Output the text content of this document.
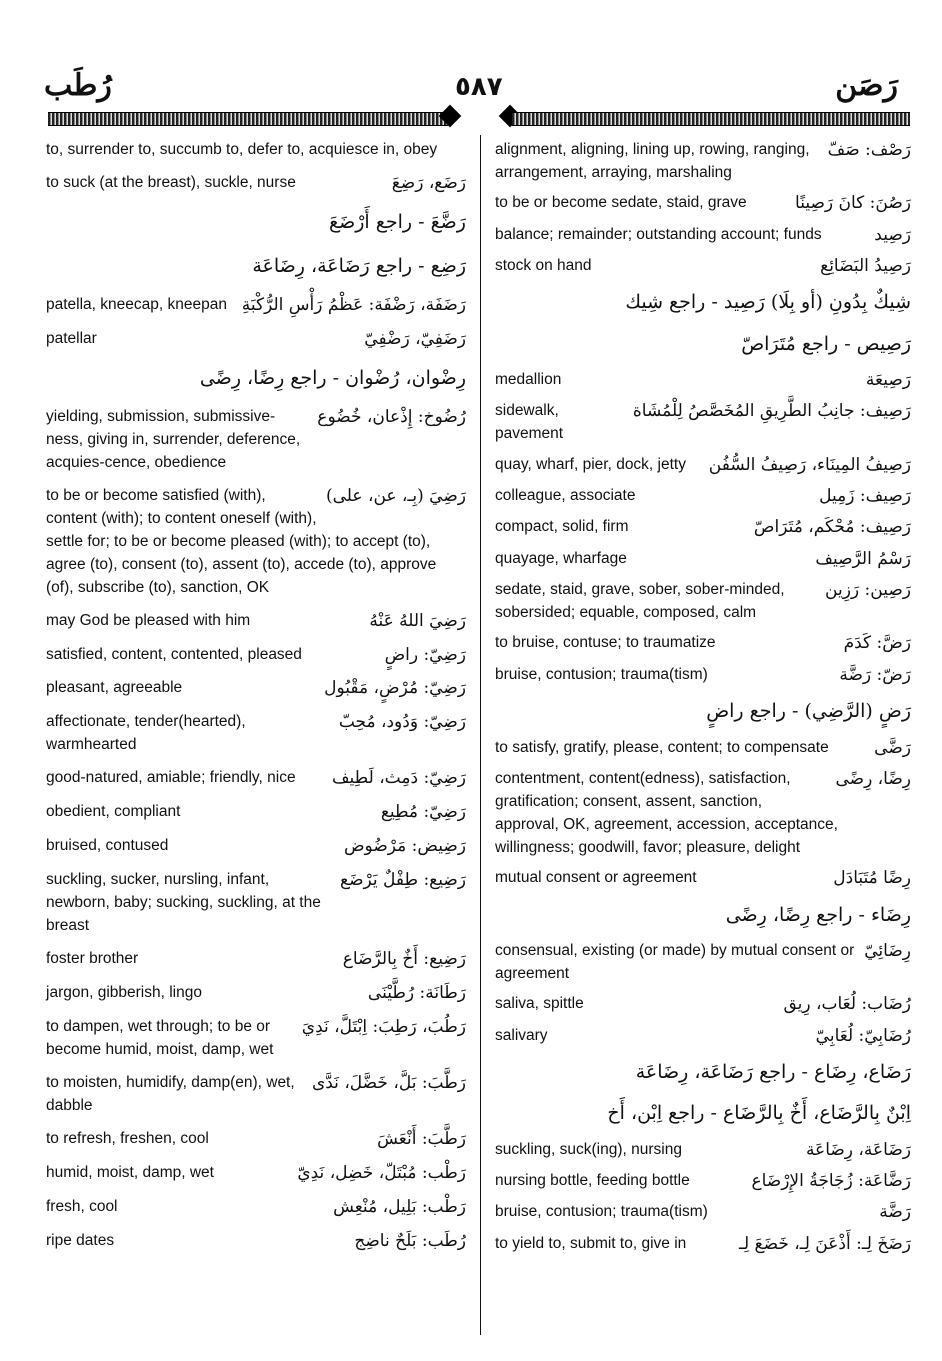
رُطَب	٥٨٧	رَصَن
to, surrender to, succumb to, defer to, acquiesce in, obey
رَضَع، رَضِعَ
to suck (at the breast), suckle, nurse
رَضَّعَ - راجع أَرْضَعَ
رَضِع - راجع رَضَاعَة، رِضَاعَة
رَضَفَة، رَضْفَة: عَظْمُ رَأْسِ الرُّكْبَةِ
patella, kneecap, kneepan
رَضَفِيّ، رَضْفِيّ
patellar
رِضْوان، رُضْوان - راجع رِضًا، رِضًى
رُضُوخ: إِذْعان، خُضُوع
yielding, submission, submissive-ness, giving in, surrender, deference, acquies-cence, obedience
رَضِيَ (بِـ، عن، على)
to be or become satisfied (with), content (with); to content oneself (with), settle for; to be or become pleased (with); to accept (to), agree (to), consent (to), assent (to), accede (to), approve (of), subscribe (to), sanction, OK
رَضِيَ اللهُ عَنْهُ
may God be pleased with him
رَضِيّ: راضٍ
satisfied, content, contented, pleased
رَضِيّ: مُرْضٍ، مَقْبُول
pleasant, agreeable
رَضِيّ: وَدُود، مُحِبّ
affectionate, tender(hearted), warmhearted
رَضِيّ: دَمِث، لَطِيف
good-natured, amiable; friendly, nice
رَضِيّ: مُطِيع
obedient, compliant
رَضِيض: مَرْضُوض
bruised, contused
رَضِيع: طِفْلٌ يَرْضَع
suckling, sucker, nursling, infant, newborn, baby; sucking, suckling, at the breast
رَضِيع: أَخٌ بِالرَّضَاع
foster brother
رَطَانَة: رُطَّيْنَى
jargon, gibberish, lingo
رَطُبَ، رَطِبَ: اِبْتَلَّ، نَدِيَ
to dampen, wet through; to be or become humid, moist, damp, wet
رَطَّبَ: بَلَّ، خَضَّلَ، نَدَّى
to moisten, humidify, damp(en), wet, dabble
رَطَّبَ: أَنْعَشَ
to refresh, freshen, cool
رَطْب: مُبْتَلّ، خَضِل، نَدِيّ
humid, moist, damp, wet
رَطْب: بَلِيل، مُنْعِش
fresh, cool
رُطَب: بَلَحٌ ناضِج
ripe dates
رَصْف: صَفّ
alignment, aligning, lining up, rowing, ranging, arrangement, arraying, marshaling
رَصُنَ: كانَ رَصِينًا
to be or become sedate, staid, grave
رَصِيد
balance; remainder; outstanding account; funds
رَصِيدُ البَضَائِع
stock on hand
شِيكٌ بِدُونِ (أو بِلَا) رَصِيد - راجع شِيك
رَصِيص - راجع مُتَرَاصّ
رَصِيعَة
medallion
رَصِيف: جانِبُ الطَّرِيقِ المُخَصَّصُ لِلْمُشَاة
sidewalk, pavement
رَصِيفُ المِينَاء، رَصِيفُ السُّفُن
quay, wharf, pier, dock, jetty
رَصِيف: زَمِيل
colleague, associate
رَصِيف: مُحْكَم، مُتَرَاصّ
compact, solid, firm
رَسْمُ الرَّصِيف
quayage, wharfage
رَصِين: رَزِين
sedate, staid, grave, sober, sober-minded, sobersided; equable, composed, calm
رَضَّ: كَدَمَ
to bruise, contuse; to traumatize
رَضّ: رَضَّة
bruise, contusion; trauma(tism)
رَضٍ (الرَّضِي) - راجع راضٍ
رَضَّى
to satisfy, gratify, please, content; to compensate
رِضًا، رِضًى
contentment, content(edness), satisfaction, gratification; consent, assent, sanction, approval, OK, agreement, accession, acceptance, willingness; goodwill, favor; pleasure, delight
رِضًا مُتَبَادَل
mutual consent or agreement
رِضَاء - راجع رِضًا، رِضًى
رِضَائِيّ
consensual, existing (or made) by mutual consent or agreement
رُضَاب: لُعَاب، رِيق
saliva, spittle
رُضَابِيّ: لُعَابِيّ
salivary
رَضَاع، رِضَاع - راجع رَضَاعَة، رِضَاعَة
اِبْنٌ بِالرَّضَاع، أَخٌ بِالرَّضَاع - راجع اِبْن، أَخ
رَضَاعَة، رِضَاعَة
suckling, suck(ing), nursing
رَضَّاعَة: زُجَاجَةُ الإِرْضَاع
nursing bottle, feeding bottle
رَضَّة
bruise, contusion; trauma(tism)
رَضَخَ لِـ: أَذْعَنَ لِـ، خَضَعَ لِـ
to yield to, submit to, give in
